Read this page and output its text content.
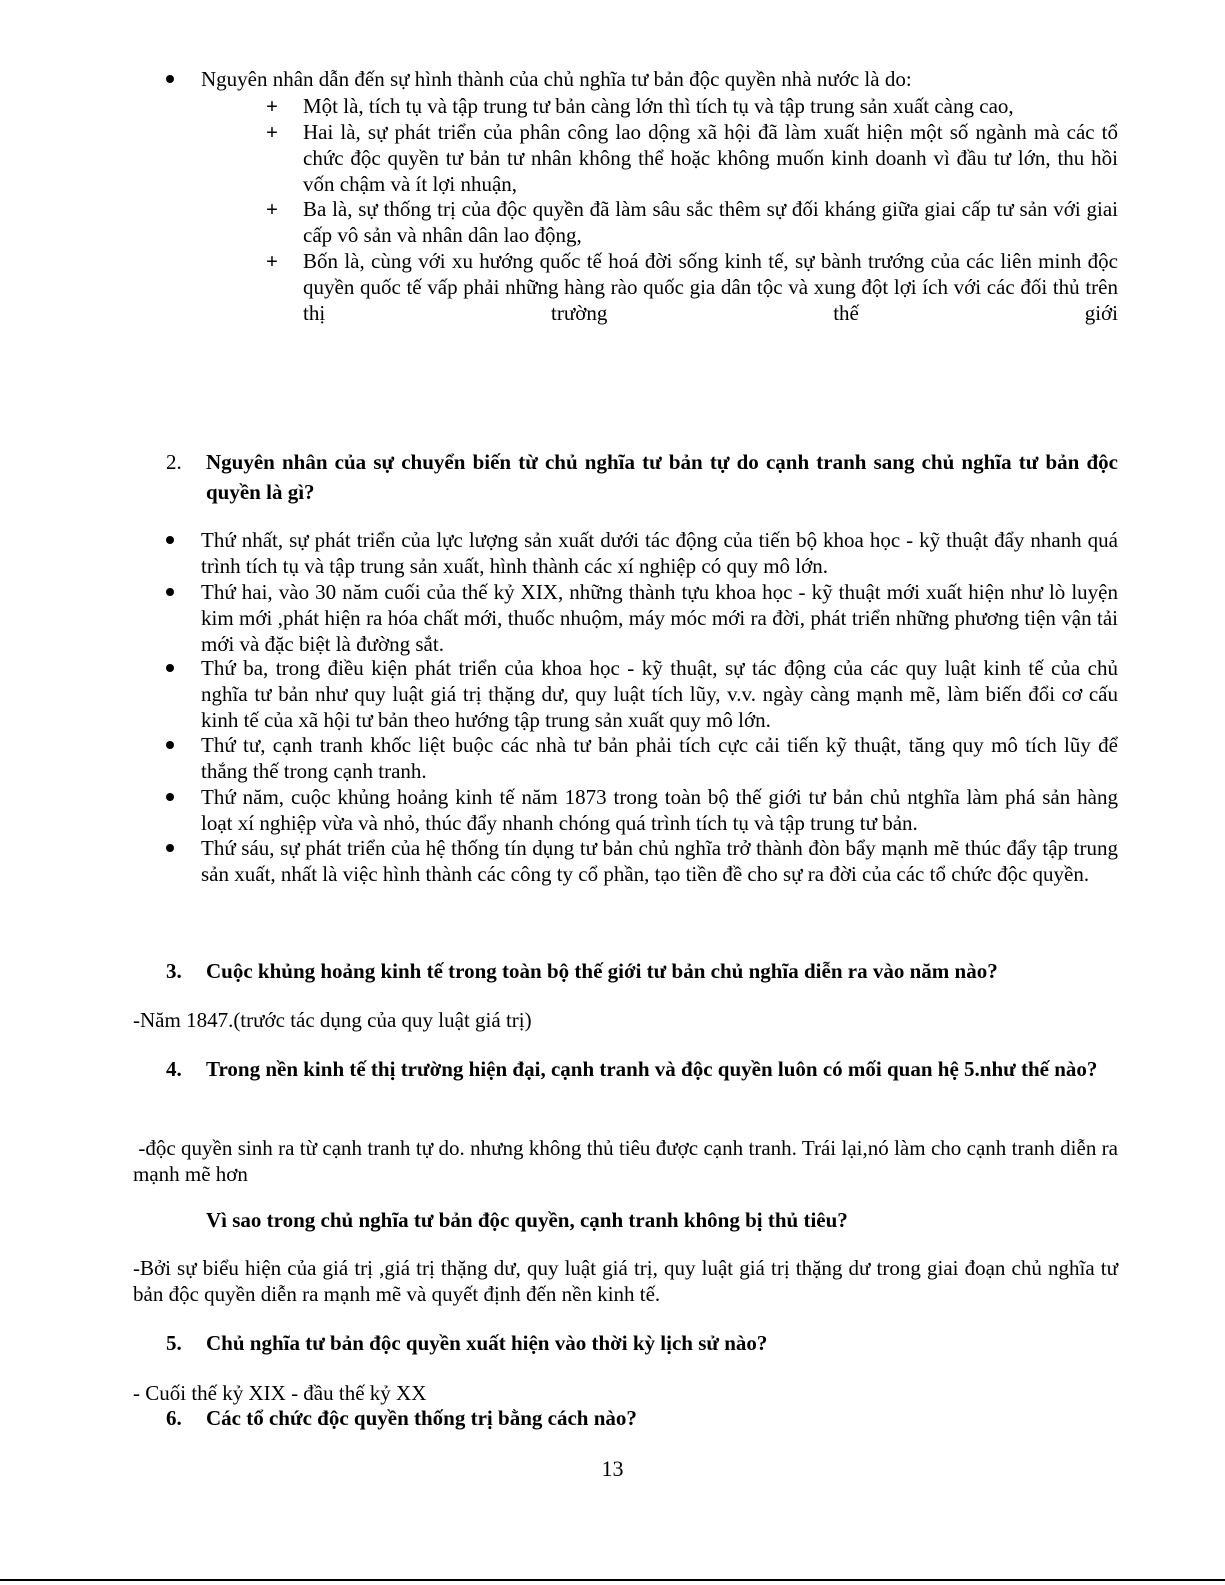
Nguyên nhân dẫn đến sự hình thành của chủ nghĩa tư bản độc quyền nhà nước là do:
+ Một là, tích tụ và tập trung tư bản càng lớn thì tích tụ và tập trung sản xuất càng cao,
+ Hai là, sự phát triển của phân công lao dộng xã hội đã làm xuất hiện một số ngành mà các tổ chức độc quyền tư bản tư nhân không thể hoặc không muốn kinh doanh vì đầu tư lớn, thu hồi vốn chậm và ít lợi nhuận,
+ Ba là, sự thống trị của độc quyền đã làm sâu sắc thêm sự đối kháng giữa giai cấp tư sản với giai cấp vô sản và nhân dân lao động,
+ Bốn là, cùng với xu hướng quốc tế hoá đời sống kinh tế, sự bành trướng của các liên minh độc quyền quốc tế vấp phải những hàng rào quốc gia dân tộc và xung đột lợi ích với các đối thủ trên thị trường thế giới
2. Nguyên nhân của sự chuyển biến từ chủ nghĩa tư bản tự do cạnh tranh sang chủ nghĩa tư bản độc quyền là gì?
Thứ nhất, sự phát triển của lực lượng sản xuất dưới tác động của tiến bộ khoa học - kỹ thuật đẩy nhanh quá trình tích tụ và tập trung sản xuất, hình thành các xí nghiệp có quy mô lớn.
Thứ hai, vào 30 năm cuối của thế kỷ XIX, những thành tựu khoa học - kỹ thuật mới xuất hiện như lò luyện kim mới ,phát hiện ra hóa chất mới, thuốc nhuộm, máy móc mới ra đời, phát triển những phương tiện vận tải mới và đặc biệt là đường sắt.
Thứ ba, trong điều kiện phát triển của khoa học - kỹ thuật, sự tác động của các quy luật kinh tế của chủ nghĩa tư bản như quy luật giá trị thặng dư, quy luật tích lũy, v.v. ngày càng mạnh mẽ, làm biến đổi cơ cấu kinh tế của xã hội tư bản theo hướng tập trung sản xuất quy mô lớn.
Thứ tư, cạnh tranh khốc liệt buộc các nhà tư bản phải tích cực cải tiến kỹ thuật, tăng quy mô tích lũy để thắng thế trong cạnh tranh.
Thứ năm, cuộc khủng hoảng kinh tế năm 1873 trong toàn bộ thế giới tư bản chủ ntghĩa làm phá sản hàng loạt xí nghiệp vừa và nhỏ, thúc đẩy nhanh chóng quá trình tích tụ và tập trung tư bản.
Thứ sáu, sự phát triển của hệ thống tín dụng tư bản chủ nghĩa trở thành đòn bẩy mạnh mẽ thúc đẩy tập trung sản xuất, nhất là việc hình thành các công ty cổ phần, tạo tiền đề cho sự ra đời của các tổ chức độc quyền.
3. Cuộc khủng hoảng kinh tế trong toàn bộ thế giới tư bản chủ nghĩa diễn ra vào năm nào?
-Năm 1847.(trước tác dụng của quy luật giá trị)
4. Trong nền kinh tế thị trường hiện đại, cạnh tranh và độc quyền luôn có mối quan hệ 5.như thế nào?
-độc quyền sinh ra từ cạnh tranh tự do. nhưng không thủ tiêu được cạnh tranh. Trái lại,nó làm cho cạnh tranh diễn ra mạnh mẽ hơn
Vì sao trong chủ nghĩa tư bản độc quyền, cạnh tranh không bị thủ tiêu?
-Bởi sự biểu hiện của giá trị ,giá trị thặng dư, quy luật giá trị, quy luật giá trị thặng dư trong giai đoạn chủ nghĩa tư bản độc quyền diễn ra mạnh mẽ và quyết định đến nền kinh tế.
5. Chủ nghĩa tư bản độc quyền xuất hiện vào thời kỳ lịch sử nào?
- Cuối thế kỷ XIX - đầu thế kỷ XX
6. Các tổ chức độc quyền thống trị bằng cách nào?
13
